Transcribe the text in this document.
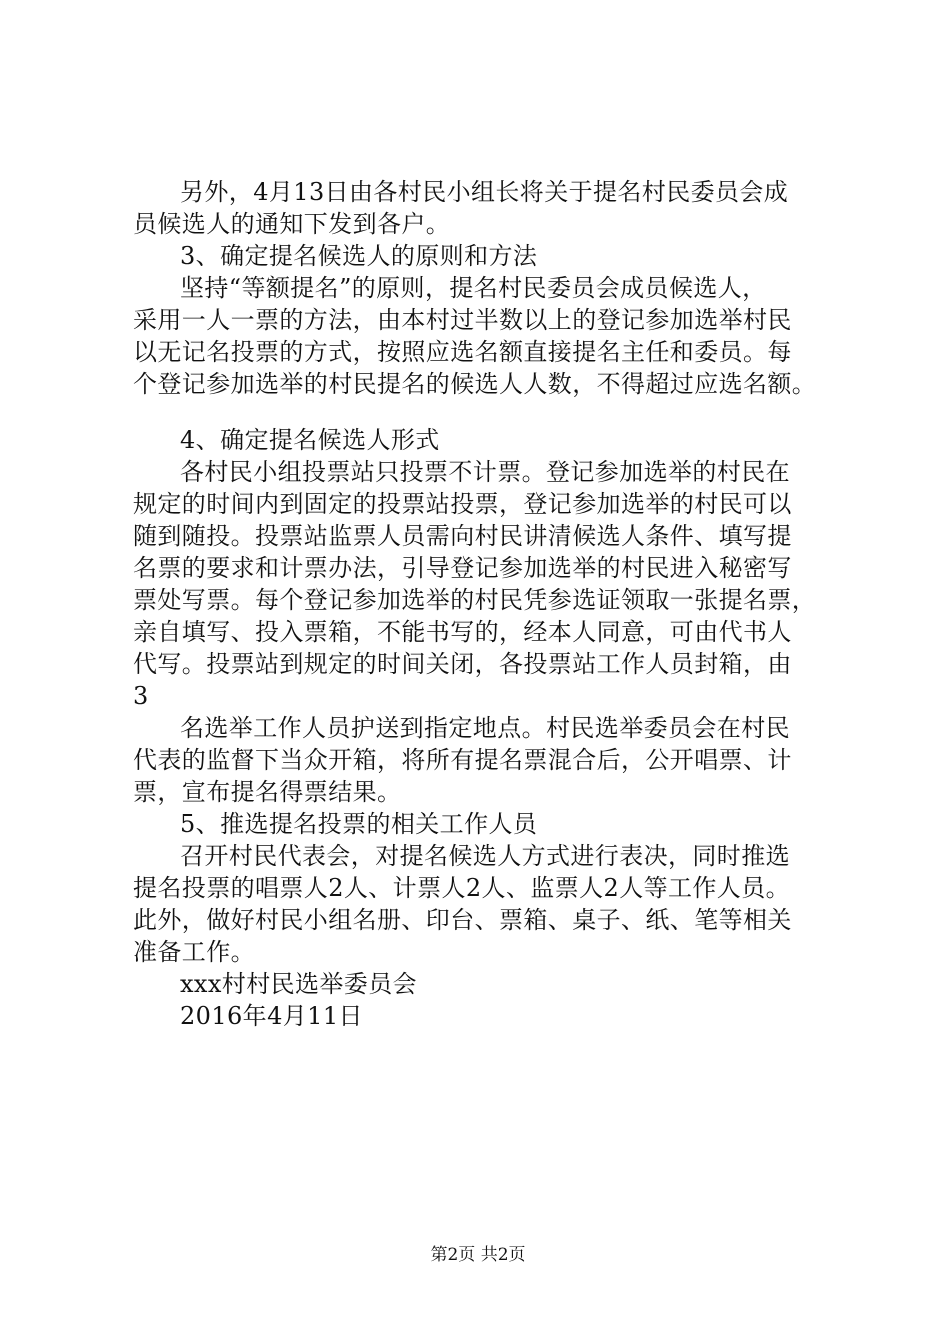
另外，4月13日由各村民小组长将关于提名村民委员会成
员候选人的通知下发到各户。
3、确定提名候选人的原则和方法
坚持“等额提名”的原则，提名村民委员会成员候选人，
采用一人一票的方法，由本村过半数以上的登记参加选举村民
以无记名投票的方式，按照应选名额直接提名主任和委员。每
个登记参加选举的村民提名的候选人人数，不得超过应选名额。
4、确定提名候选人形式
各村民小组投票站只投票不计票。登记参加选举的村民在
规定的时间内到固定的投票站投票，登记参加选举的村民可以
随到随投。投票站监票人员需向村民讲清候选人条件、填写提
名票的要求和计票办法，引导登记参加选举的村民进入秘密写
票处写票。每个登记参加选举的村民凭参选证领取一张提名票，
亲自填写、投入票箱，不能书写的，经本人同意，可由代书人
代写。投票站到规定的时间关闭，各投票站工作人员封箱，由
3
名选举工作人员护送到指定地点。村民选举委员会在村民
代表的监督下当众开箱，将所有提名票混合后，公开唱票、计
票，宣布提名得票结果。
5、推选提名投票的相关工作人员
召开村民代表会，对提名候选人方式进行表决，同时推选
提名投票的唱票人2人、计票人2人、监票人2人等工作人员。
此外，做好村民小组名册、印台、票箱、桌子、纸、笔等相关
准备工作。
xxx村村民选举委员会
2016年4月11日
第2页 共2页
